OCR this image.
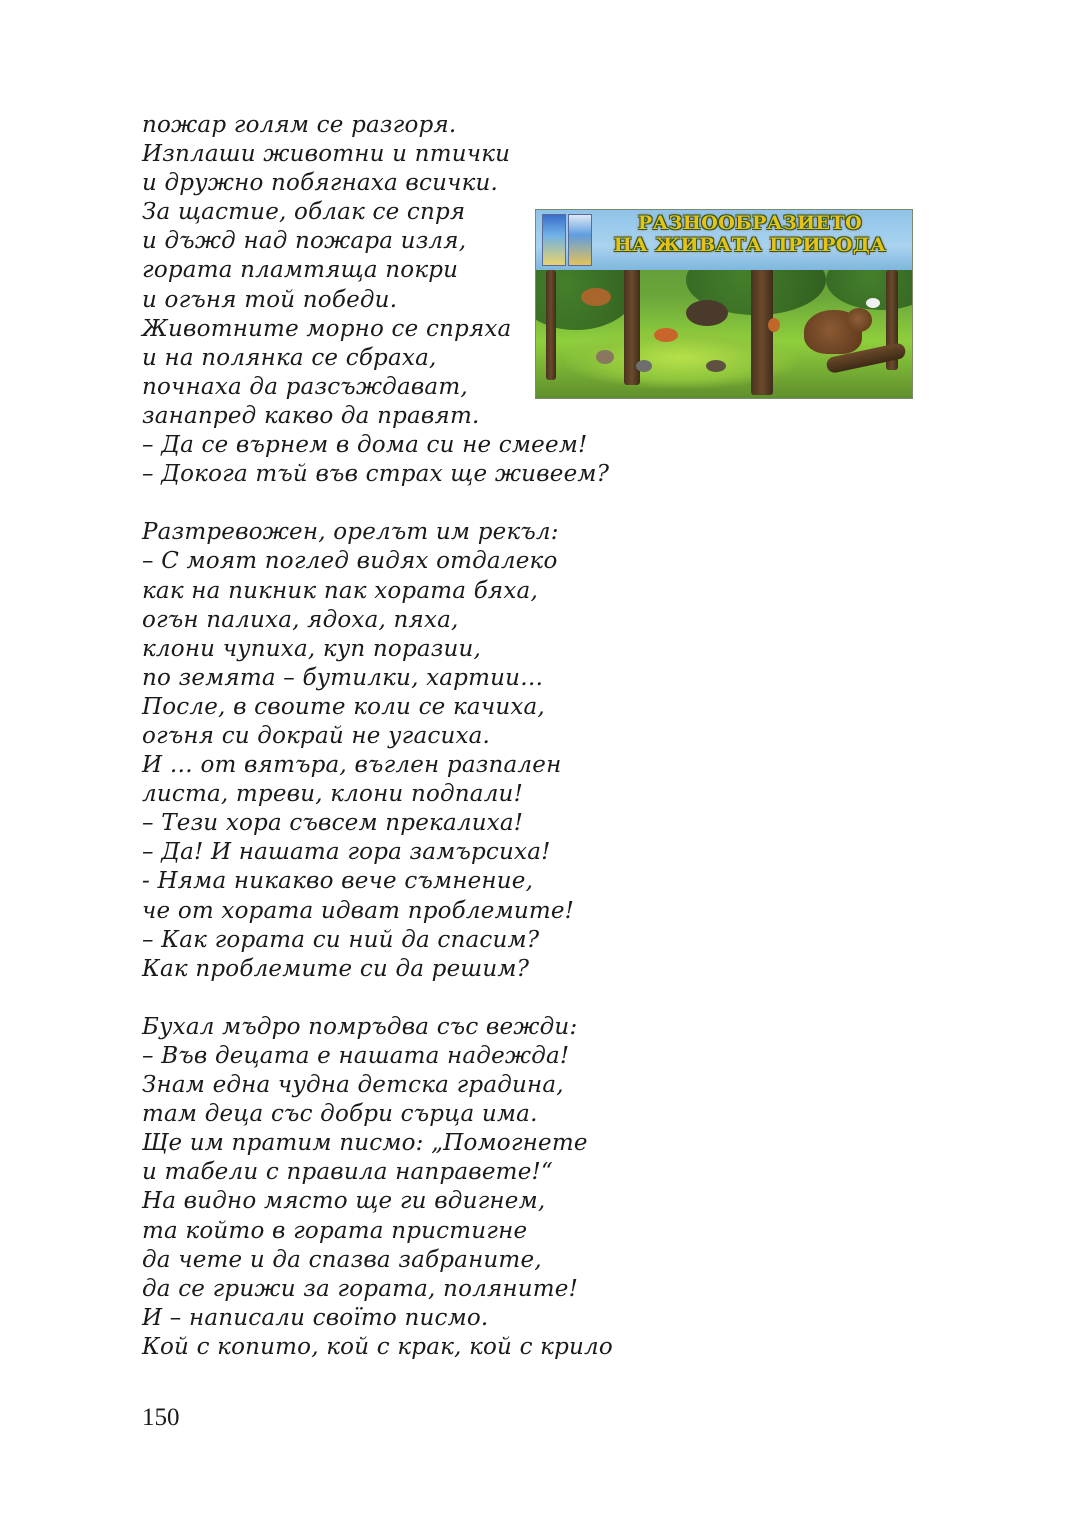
пожар голям се разгоря.
Изплаши животни и птички
и дружно побягнаха всички.
За щастие, облак се спря
и дъжд над пожара изля,
гората пламтяща покри
и огъня той победи.
Животните морно се спряха
и на полянка се сбраха,
почнаха да разсъждават,
занапред какво да правят.
– Да се върнем в дома си не смеем!
– Докога тъй във страх ще живеем?
Разтревожен, орелът им рекъл:
– С моят поглед видях отдалеко
как на пикник пак хората бяха,
огън палиха, ядоха, пяха,
клони чупиха, куп поразии,
по земята – бутилки, хартии…
После, в своите коли се качиха,
огъня си докрай не угасиха.
И … от вятъра, въглен разпален
листа, треви, клони подпали!
– Тези хора съвсем прекалиха!
– Да! И нашата гора замърсиха!
- Няма никакво вече съмнение,
че от хората идват проблемите!
– Как гората си ний да спасим?
Как проблемите си да решим?
Бухал мъдро помръдва със вежди:
– Във децата е нашата надежда!
Знам една чудна детска градина,
там деца със добри сърца има.
Ще им пратим писмо: „Помогнете
и табели с правила направете!“
На видно място ще ги вдигнем,
та който в гората пристигне
да чете и да спазва забраните,
да се грижи за гората, поляните!
И – написали своїто писмо.
Кой с копито, кой с крак, кой с крило
РАЗНООБРАЗИЕТО
НА ЖИВАТА ПРИРОДА
150
